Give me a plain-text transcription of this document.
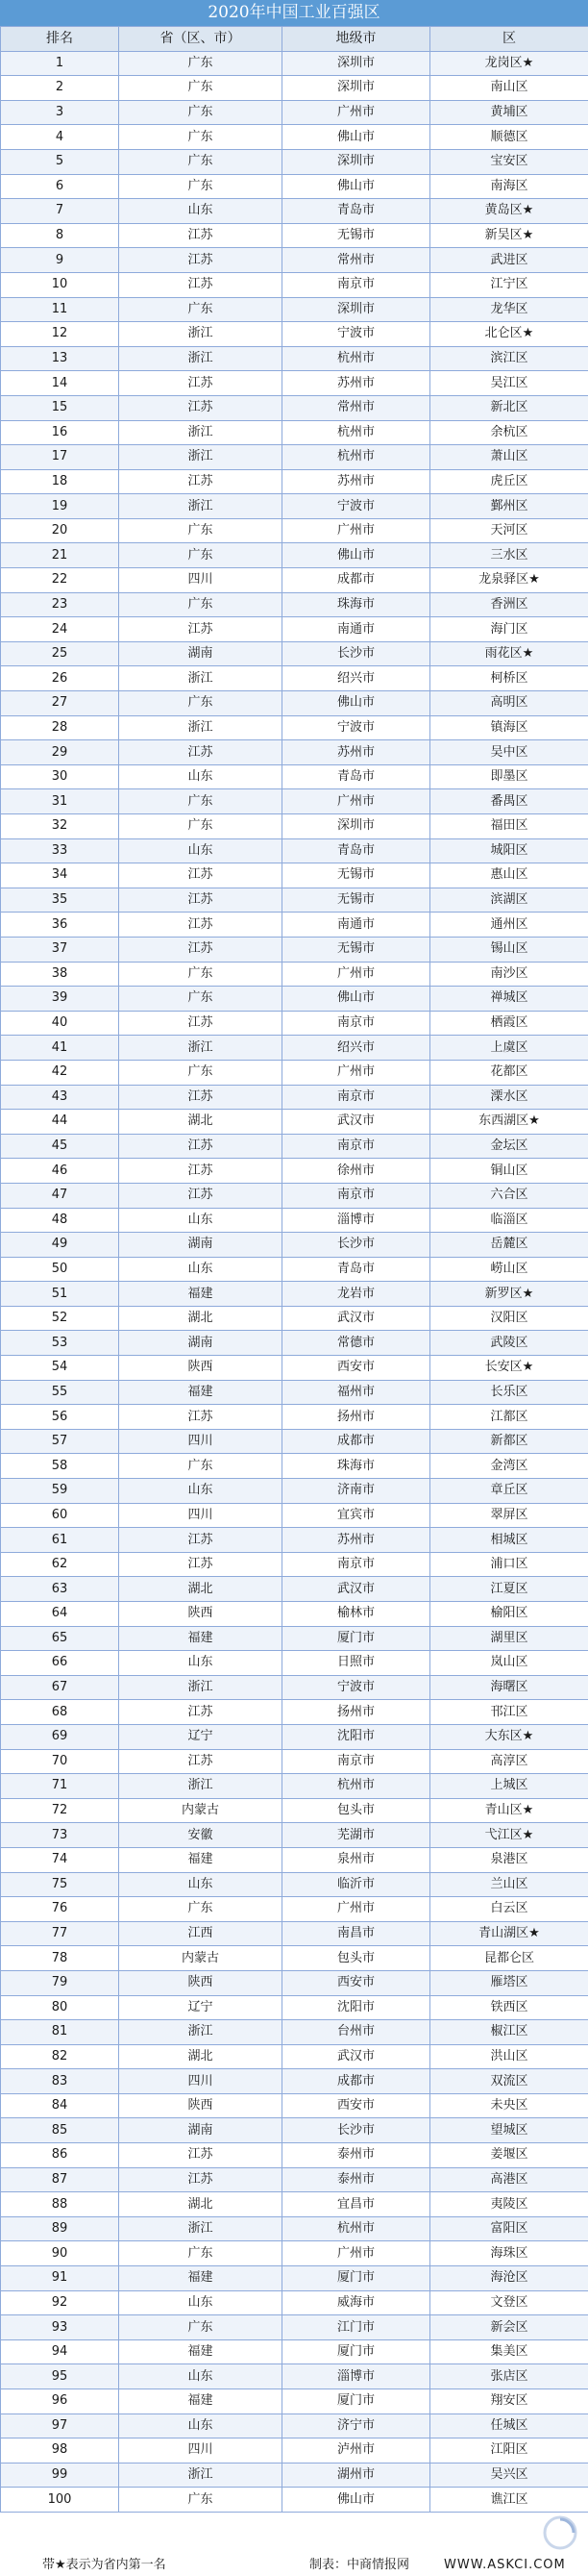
2020年中国工业百强区
排名	省（区、市）	地级市	区
1	广东	深圳市	龙岗区★
2	广东	深圳市	南山区
3	广东	广州市	黄埔区
4	广东	佛山市	顺德区
5	广东	深圳市	宝安区
6	广东	佛山市	南海区
7	山东	青岛市	黄岛区★
8	江苏	无锡市	新吴区★
9	江苏	常州市	武进区
10	江苏	南京市	江宁区
11	广东	深圳市	龙华区
12	浙江	宁波市	北仑区★
13	浙江	杭州市	滨江区
14	江苏	苏州市	吴江区
15	江苏	常州市	新北区
16	浙江	杭州市	余杭区
17	浙江	杭州市	萧山区
18	江苏	苏州市	虎丘区
19	浙江	宁波市	鄞州区
20	广东	广州市	天河区
21	广东	佛山市	三水区
22	四川	成都市	龙泉驿区★
23	广东	珠海市	香洲区
24	江苏	南通市	海门区
25	湖南	长沙市	雨花区★
26	浙江	绍兴市	柯桥区
27	广东	佛山市	高明区
28	浙江	宁波市	镇海区
29	江苏	苏州市	吴中区
30	山东	青岛市	即墨区
31	广东	广州市	番禺区
32	广东	深圳市	福田区
33	山东	青岛市	城阳区
34	江苏	无锡市	惠山区
35	江苏	无锡市	滨湖区
36	江苏	南通市	通州区
37	江苏	无锡市	锡山区
38	广东	广州市	南沙区
39	广东	佛山市	禅城区
40	江苏	南京市	栖霞区
41	浙江	绍兴市	上虞区
42	广东	广州市	花都区
43	江苏	南京市	溧水区
44	湖北	武汉市	东西湖区★
45	江苏	南京市	金坛区
46	江苏	徐州市	铜山区
47	江苏	南京市	六合区
48	山东	淄博市	临淄区
49	湖南	长沙市	岳麓区
50	山东	青岛市	崂山区
51	福建	龙岩市	新罗区★
52	湖北	武汉市	汉阳区
53	湖南	常德市	武陵区
54	陕西	西安市	长安区★
55	福建	福州市	长乐区
56	江苏	扬州市	江都区
57	四川	成都市	新都区
58	广东	珠海市	金湾区
59	山东	济南市	章丘区
60	四川	宜宾市	翠屏区
61	江苏	苏州市	相城区
62	江苏	南京市	浦口区
63	湖北	武汉市	江夏区
64	陕西	榆林市	榆阳区
65	福建	厦门市	湖里区
66	山东	日照市	岚山区
67	浙江	宁波市	海曙区
68	江苏	扬州市	邗江区
69	辽宁	沈阳市	大东区★
70	江苏	南京市	高淳区
71	浙江	杭州市	上城区
72	内蒙古	包头市	青山区★
73	安徽	芜湖市	弋江区★
74	福建	泉州市	泉港区
75	山东	临沂市	兰山区
76	广东	广州市	白云区
77	江西	南昌市	青山湖区★
78	内蒙古	包头市	昆都仑区
79	陕西	西安市	雁塔区
80	辽宁	沈阳市	铁西区
81	浙江	台州市	椒江区
82	湖北	武汉市	洪山区
83	四川	成都市	双流区
84	陕西	西安市	未央区
85	湖南	长沙市	望城区
86	江苏	泰州市	姜堰区
87	江苏	泰州市	高港区
88	湖北	宜昌市	夷陵区
89	浙江	杭州市	富阳区
90	广东	广州市	海珠区
91	福建	厦门市	海沧区
92	山东	威海市	文登区
93	广东	江门市	新会区
94	福建	厦门市	集美区
95	山东	淄博市	张店区
96	福建	厦门市	翔安区
97	山东	济宁市	任城区
98	四川	泸州市	江阳区
99	浙江	湖州市	吴兴区
100	广东	佛山市	谯江区
带★表示为省内第一名	制表：中商情报网	WWW.ASKCI.COM
